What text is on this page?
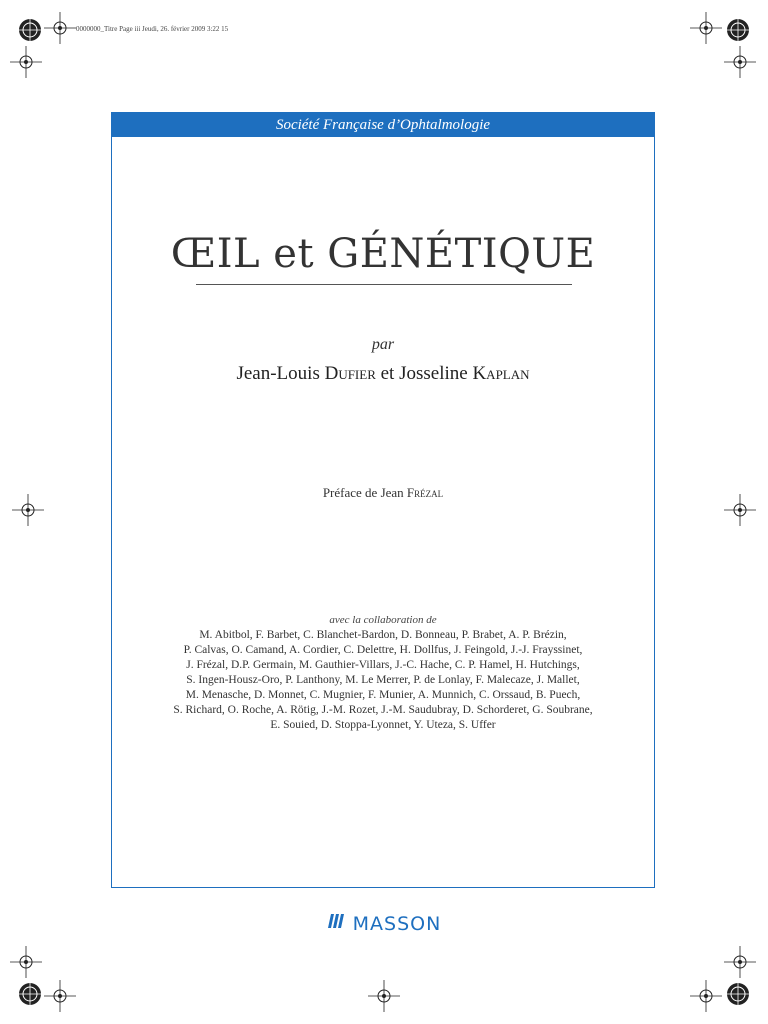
0000000_Titre Page iii Jeudi, 26. février 2009 3:22 15
Société Française d’Ophtalmologie
ŒIL et GÉNÉTIQUE
par
Jean-Louis Dufier et Josseline Kaplan
Préface de Jean Frézal
avec la collaboration de
M. Abitbol, F. Barbet, C. Blanchet-Bardon, D. Bonneau, P. Brabet, A. P. Brézin,
P. Calvas, O. Camand, A. Cordier, C. Delettre, H. Dollfus, J. Feingold, J.-J. Frayssinet,
J. Frézal, D.P. Germain, M. Gauthier-Villars, J.-C. Hache, C. P. Hamel, H. Hutchings,
S. Ingen-Housz-Oro, P. Lanthony, M. Le Merrer, P. de Lonlay, F. Malecaze, J. Mallet,
M. Menasche, D. Monnet, C. Mugnier, F. Munier, A. Munnich, C. Orssaud, B. Puech,
S. Richard, O. Roche, A. Rötig, J.-M. Rozet, J.-M. Saudubray, D. Schorderet, G. Soubrane,
E. Souied, D. Stoppa-Lyonnet, Y. Uteza, S. Uffer
MASSON
